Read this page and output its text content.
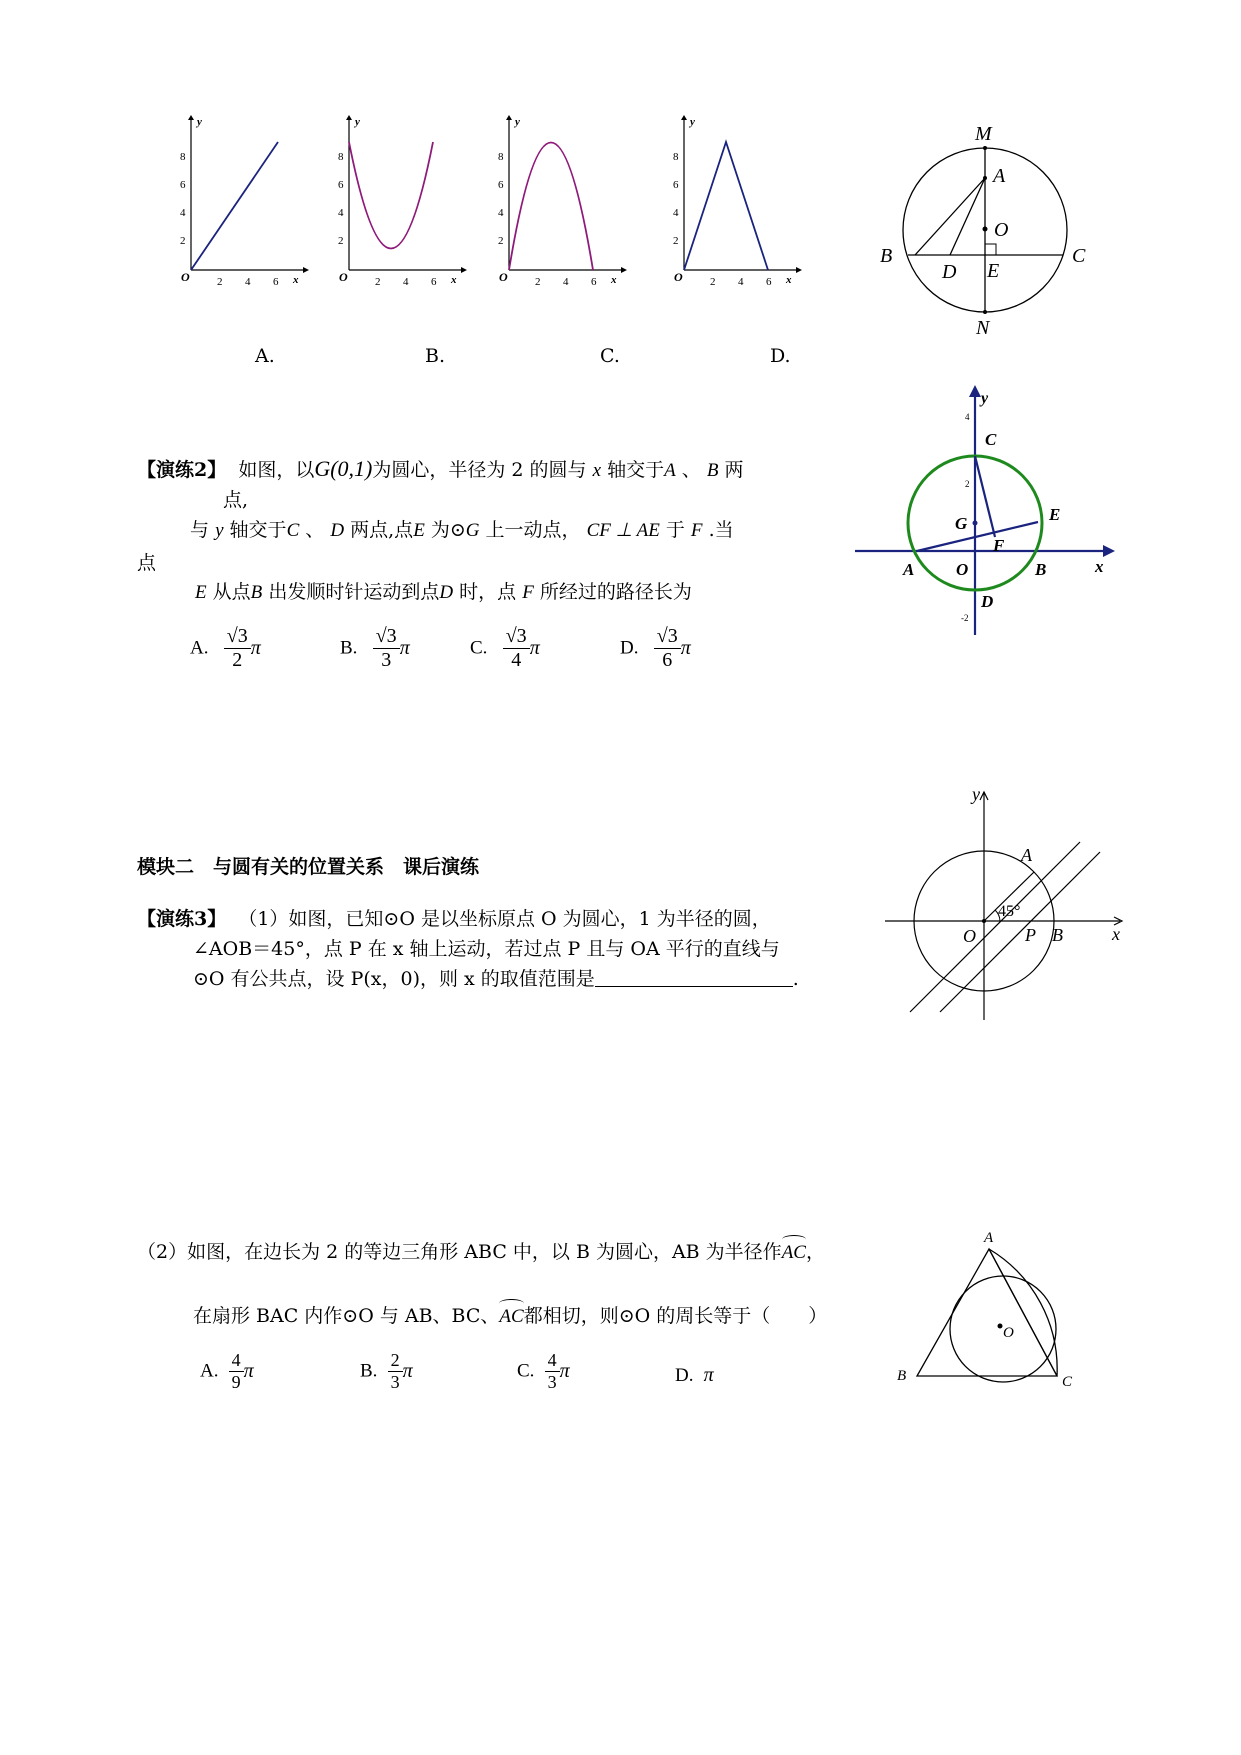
y
x
O 2 4 6
2
4
6
8
y
x
O 2 4 6
2
4
6
8
y
x
O 2 4 6
2
4
6
8
y
x
O 2 4 6
2
4
6
8
A.	B.	C.	D.
M
A
O
B	C
D E
N
【演练2】 如图，以G(0,1)为圆心，半径为 2 的圆与 x 轴交于A 、 B 两
点,
与 y 轴交于C 、 D 两点,点E 为⊙G 上一动点， CF ⊥ AE 于 F .当
点
E 从点B 出发顺时针运动到点D 时，点 F 所经过的路径长为
A. $\frac{√3}{2}$ π	B. $\frac{√3}{3}$ π	C. $\frac{√3}{4}$ π	D. $\frac{√3}{6}$ π
y
x
C
E
G
F
A O	B
D
4
2
-2
模块二　与圆有关的位置关系　课后演练
【演练3】 （1）如图，已知⊙O 是以坐标原点 O 为圆心，1 为半径的圆，
∠AOB＝45°，点 P 在 x 轴上运动，若过点 P 且与 OA 平行的直线与
⊙O 有公共点，设 P(x，0)，则 x 的取值范围是	.
y
x
A
O	P B
45°
（2）如图，在边长为 2 的等边三角形 ABC 中，以 B 为圆心，AB 为半径作
AC，
在扇形 BAC 内作⊙O 与 AB、BC、
AC都相切，则⊙O 的周长等于（　　）
A. $\frac{4}{9}$ π	B. $\frac{2}{3}$ π	C. $\frac{4}{3}$ π	D. π
A
B	C
O
